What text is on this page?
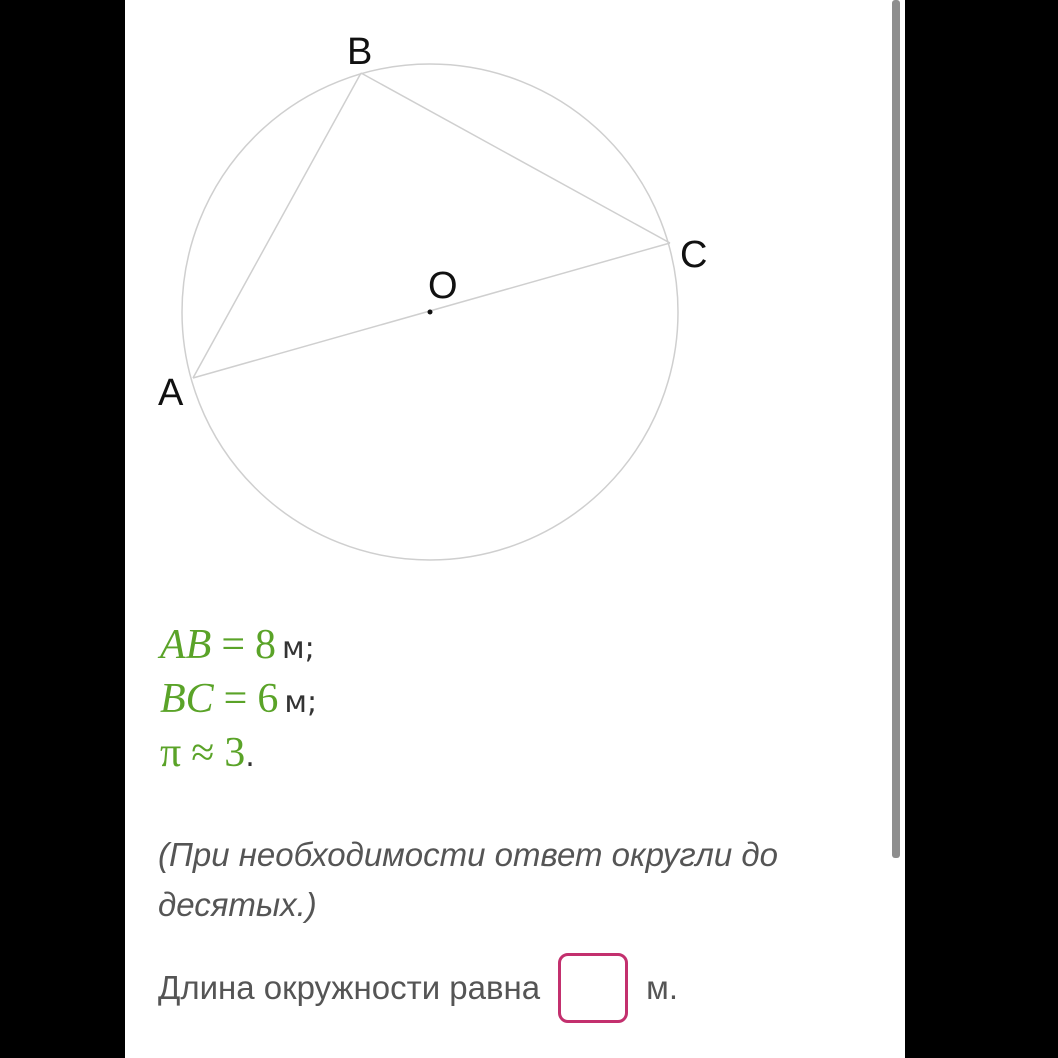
B
C
O
A
AB = 8 м;
BC = 6 м;
π ≈ 3.
(При необходимости ответ округли до десятых.)
Длина окружности равна	м.
